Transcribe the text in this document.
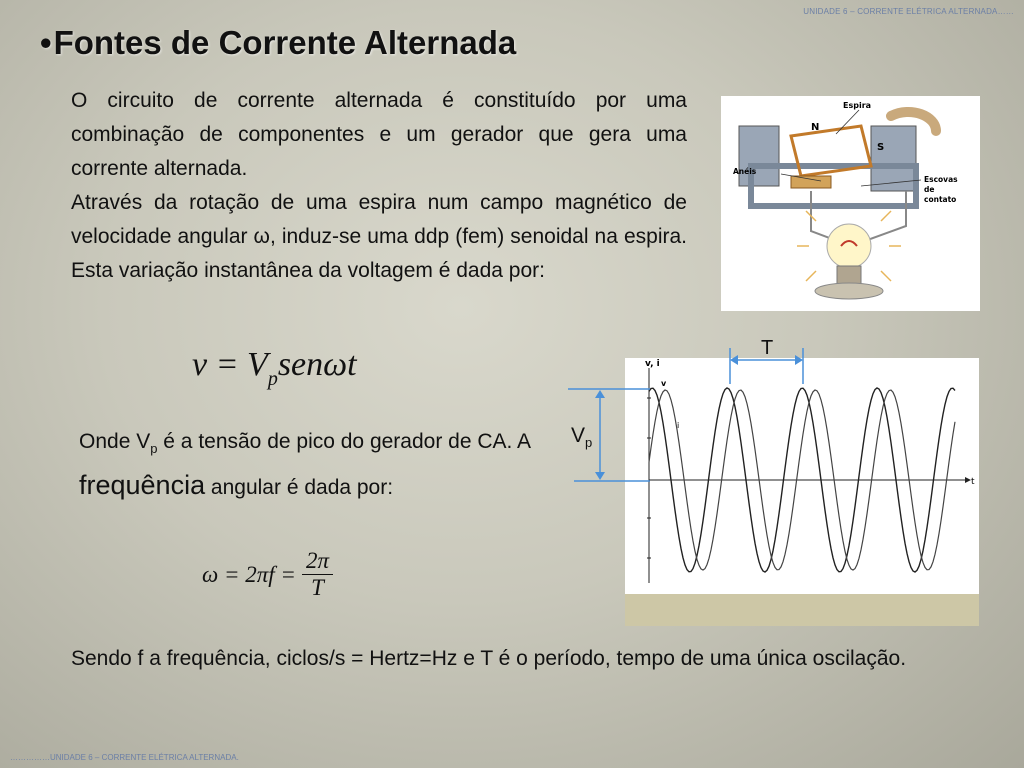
UNIDADE 6 – CORRENTE ELÉTRICA ALTERNADA……
•Fontes de Corrente Alternada

O circuito de corrente alternada é constituído por uma combinação de componentes e um gerador que gera uma corrente alternada.

Através da rotação de uma espira num campo magnético de velocidade angular ω, induz-se uma ddp (fem) senoidal na espira. Esta variação instantânea da voltagem é dada por:

$v = V_psen\omega t$

Onde $V_p$ é a tensão de pico do gerador de CA. A frequência angular é dada por:

$\omega = 2\pi f = \frac{2\pi}{T}$

Sendo f a frequência, ciclos/s = Hertz=Hz e T é o período, tempo de uma única oscilação.

Espira
N
S
Anéis
Escovas
de
contato
v, i
v
i
t
T
$V_p$
……………UNIDADE 6 – CORRENTE ELÉTRICA ALTERNADA.
